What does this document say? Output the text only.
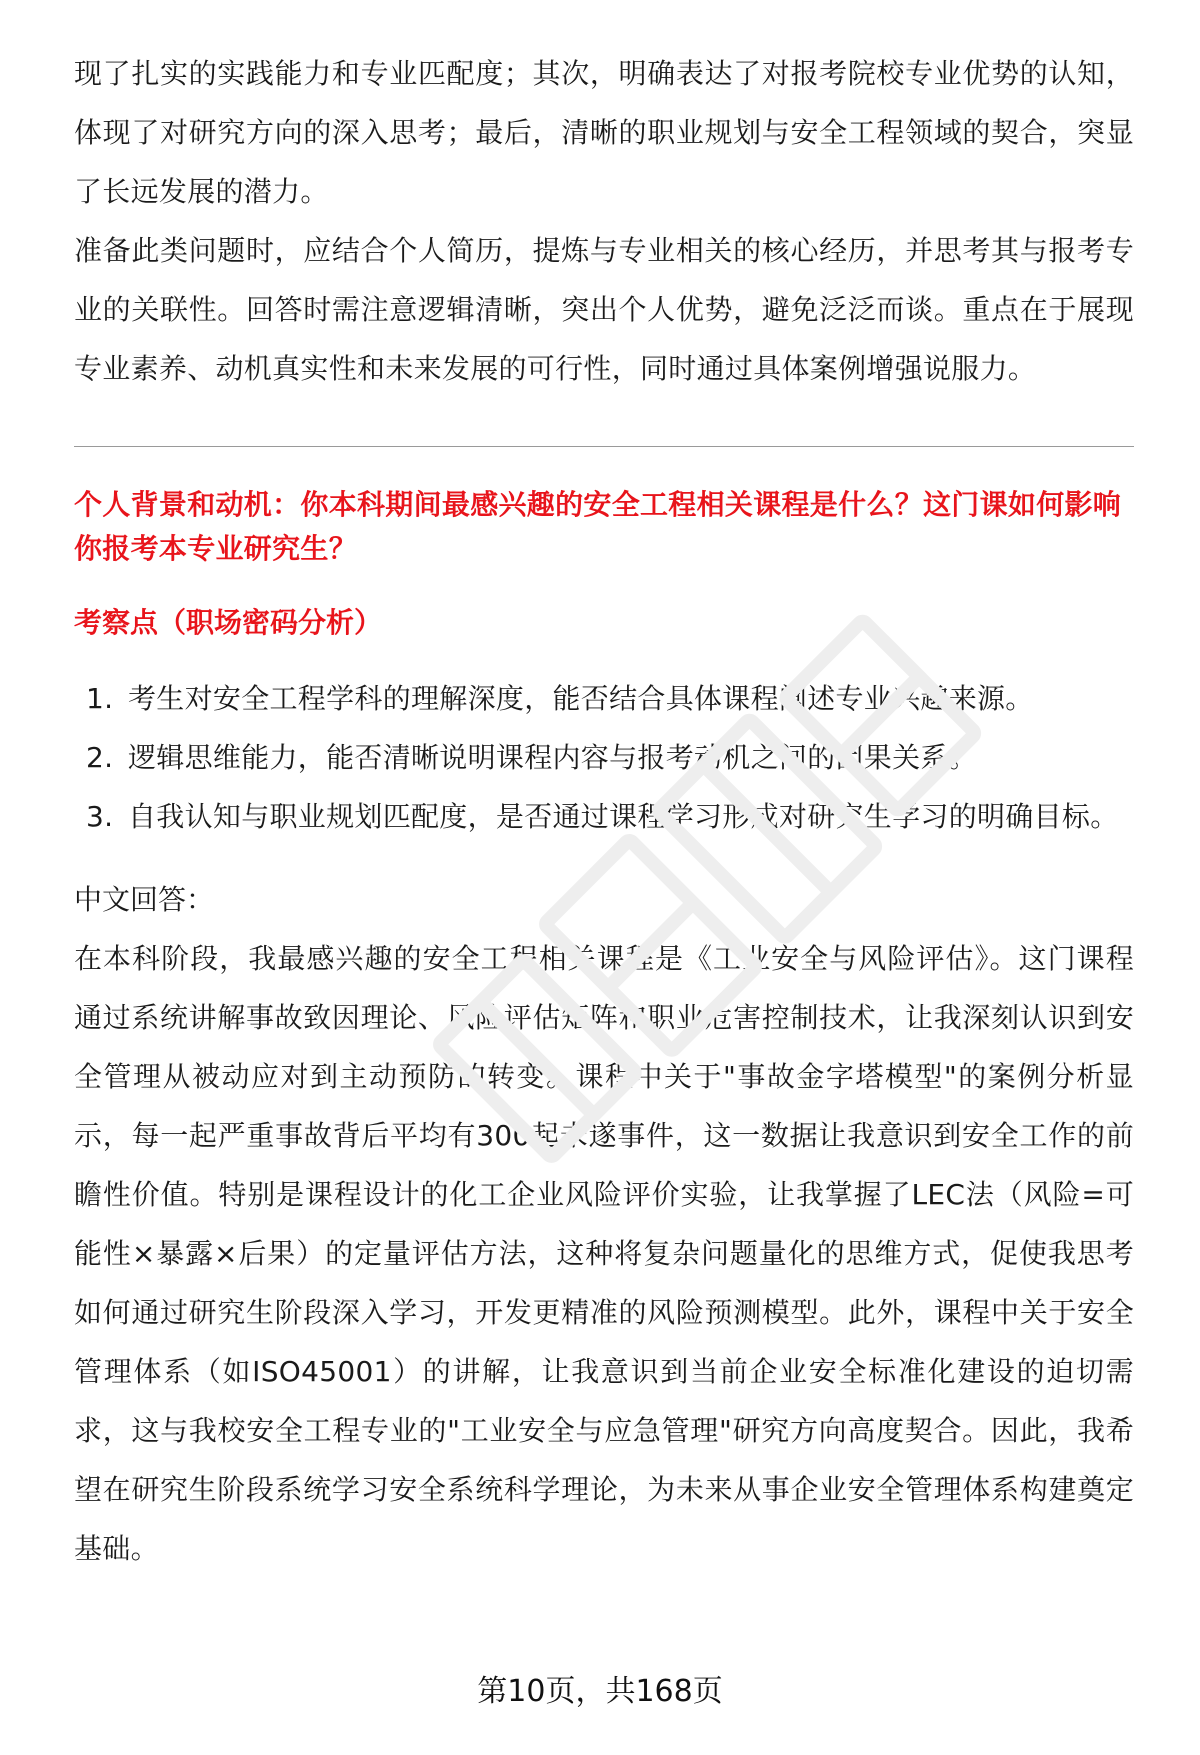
现了扎实的实践能力和专业匹配度；其次，明确表达了对报考院校专业优势的认知，体现了对研究方向的深入思考；最后，清晰的职业规划与安全工程领域的契合，突显了长远发展的潜力。

准备此类问题时，应结合个人简历，提炼与专业相关的核心经历，并思考其与报考专业的关联性。回答时需注意逻辑清晰，突出个人优势，避免泛泛而谈。重点在于展现专业素养、动机真实性和未来发展的可行性，同时通过具体案例增强说服力。

个人背景和动机：你本科期间最感兴趣的安全工程相关课程是什么？这门课如何影响你报考本专业研究生？

考察点（职场密码分析）

1. 考生对安全工程学科的理解深度，能否结合具体课程阐述专业兴趣来源。
2. 逻辑思维能力，能否清晰说明课程内容与报考动机之间的因果关系。
3. 自我认知与职业规划匹配度，是否通过课程学习形成对研究生学习的明确目标。

中文回答：

在本科阶段，我最感兴趣的安全工程相关课程是《工业安全与风险评估》。这门课程通过系统讲解事故致因理论、风险评估矩阵和职业危害控制技术，让我深刻认识到安全管理从被动应对到主动预防的转变。课程中关于"事故金字塔模型"的案例分析显示，每一起严重事故背后平均有300起未遂事件，这一数据让我意识到安全工作的前瞻性价值。特别是课程设计的化工企业风险评价实验，让我掌握了LEC法（风险=可能性×暴露×后果）的定量评估方法，这种将复杂问题量化的思维方式，促使我思考如何通过研究生阶段深入学习，开发更精准的风险预测模型。此外，课程中关于安全管理体系（如ISO45001）的讲解，让我意识到当前企业安全标准化建设的迫切需求，这与我校安全工程专业的"工业安全与应急管理"研究方向高度契合。因此，我希望在研究生阶段系统学习安全系统科学理论，为未来从事企业安全管理体系构建奠定基础。

第10页，共168页
